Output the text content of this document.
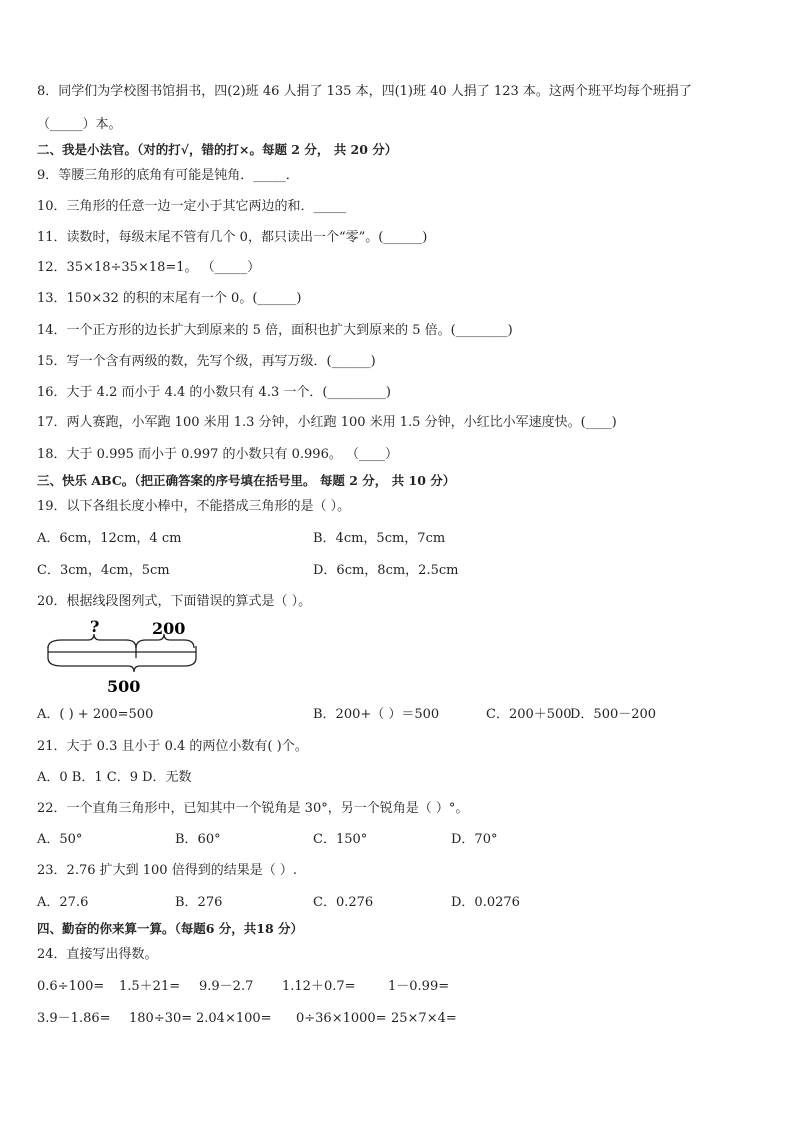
8．同学们为学校图书馆捐书，四(2)班 46 人捐了 135 本，四(1)班 40 人捐了 123 本。这两个班平均每个班捐了
（_____）本。
二、我是小法官。（对的打√，错的打×。每题 2 分， 共 20 分）
9．等腰三角形的底角有可能是钝角．_____．
10．三角形的任意一边一定小于其它两边的和．_____
11．读数时，每级末尾不管有几个 0，都只读出一个“零”。(______)
12．35×18÷35×18=1。 （_____）
13．150×32 的积的末尾有一个 0。(______)
14．一个正方形的边长扩大到原来的 5 倍，面积也扩大到原来的 5 倍。(________)
15．写一个含有两级的数，先写个级，再写万级．(______)
16．大于 4.2 而小于 4.4 的小数只有 4.3 一个．(_________)
17．两人赛跑，小军跑 100 米用 1.3 分钟，小红跑 100 米用 1.5 分钟，小红比小军速度快。(____)
18．大于 0.995 而小于 0.997 的小数只有 0.996。 （____）
三、快乐 ABC。（把正确答案的序号填在括号里。 每题 2 分， 共 10 分）
19．以下各组长度小棒中，不能搭成三角形的是（ ）。
A．6cm，12cm，4 cm	B．4cm，5cm，7cm
C．3cm，4cm，5cm	D．6cm，8cm，2.5cm
20．根据线段图列式，下面错误的算式是（ ）。
?	200
500
A．( ) + 200=500	B．200+（ ）＝500	C．200＋500
D．500－200
21．大于 0.3 且小于 0.4 的两位小数有( )个。
A．0 B．1 C．9 D．无数
22．一个直角三角形中，已知其中一个锐角是 30°，另一个锐角是（ ）°。
A．50°	B．60°	C．150°	D．70°
23．2.76 扩大到 100 倍得到的结果是（ ）.
A．27.6	B．276	C．0.276	D．0.0276
四、勤奋的你来算一算。（每题6 分，共18 分）
24．直接写出得数。
0.6÷100= 1.5＋21= 9.9－2.7 1.12＋0.7= 1－0.99=
3.9－1.86= 180÷30= 2.04×100= 0÷36×1000= 25×7×4=
